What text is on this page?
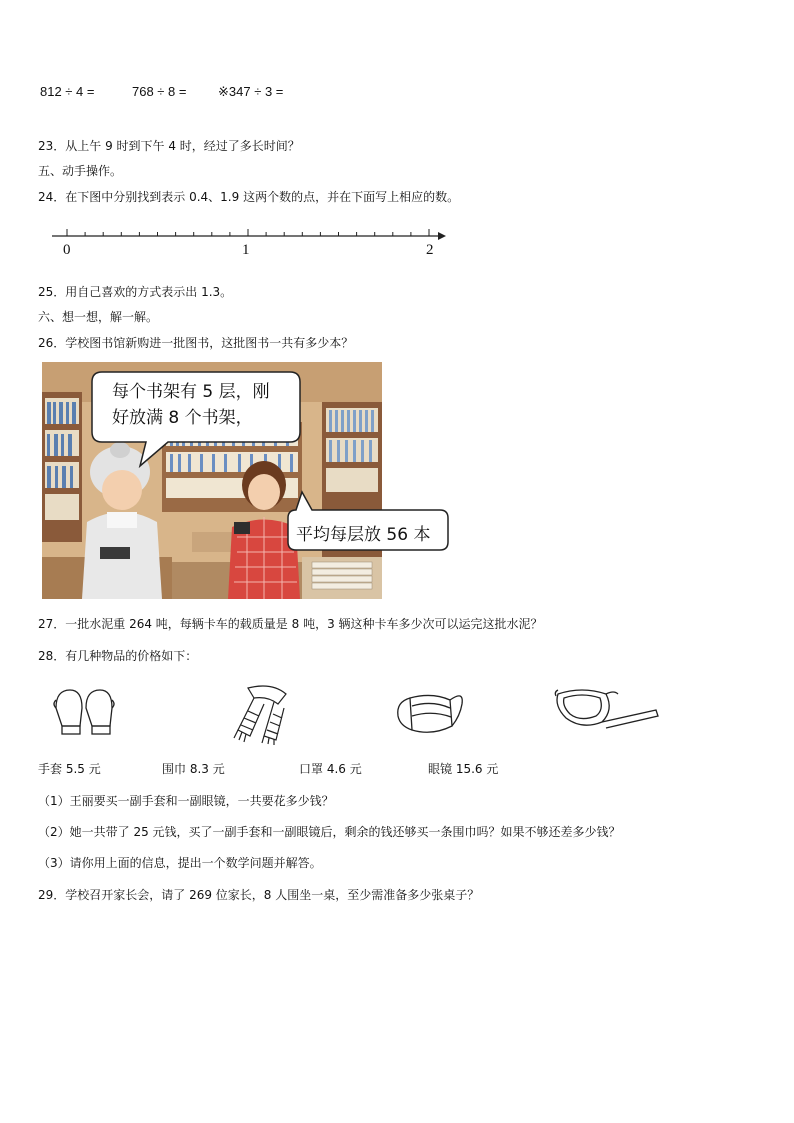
812 ÷ 4 =	768 ÷ 8 = ※347 ÷ 3 =
23．从上午 9 时到下午 4 时，经过了多长时间？
五、动手操作。
24．在下图中分别找到表示 0.4、1.9 这两个数的点，并在下面写上相应的数。
0	1	2
25．用自己喜欢的方式表示出 1.3。
六、想一想，解一解。
26．学校图书馆新购进一批图书，这批图书一共有多少本？
每个书架有 5 层，刚
好放满 8 个书架，
平均每层放 56 本
27．一批水泥重 264 吨，每辆卡车的载质量是 8 吨，3 辆这种卡车多少次可以运完这批水泥？
28．有几种物品的价格如下：
手套 5.5 元	围巾 8.3 元	口罩 4.6 元	眼镜 15.6 元
（1）王丽要买一副手套和一副眼镜，一共要花多少钱？
（2）她一共带了 25 元钱，买了一副手套和一副眼镜后，剩余的钱还够买一条围巾吗？如果不够还差多少钱？
（3）请你用上面的信息，提出一个数学问题并解答。
29．学校召开家长会，请了 269 位家长，8 人围坐一桌，至少需准备多少张桌子？
